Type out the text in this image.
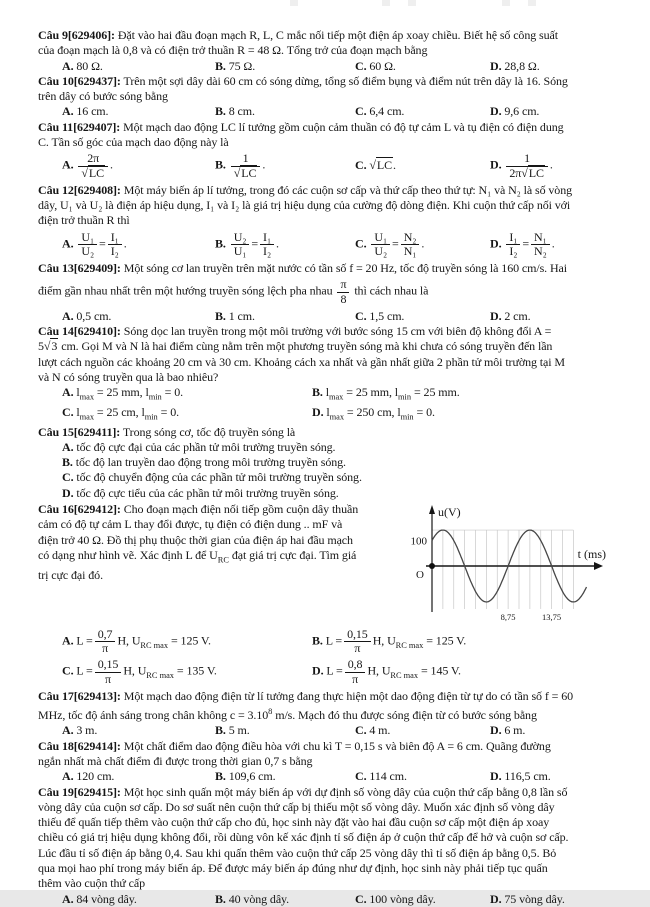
Câu 9[629406]: Đặt vào hai đầu đoạn mạch R, L, C mắc nối tiếp một điện áp xoay chiều. Biết hệ số công suất
của đoạn mạch là 0,8 và có điện trở thuần R = 48 Ω. Tổng trở của đoạn mạch bằng
A. 80 Ω.	B. 75 Ω.	C. 60 Ω.	D. 28,8 Ω.
Câu 10[629437]: Trên một sợi dây dài 60 cm có sóng dừng, tổng số điểm bụng và điểm nút trên dây là 16. Sóng
trên dây có bước sóng bằng
A. 16 cm.	B. 8 cm.	C. 6,4 cm.	D. 9,6 cm.
Câu 11[629407]: Một mạch dao động LC lí tưởng gồm cuộn cảm thuần có độ tự cảm L và tụ điện có điện dung
C. Tần số góc của mạch dao động này là
A. $\frac{2\pi}{√LC}$ .	B. $\frac{1}{√LC}$ .	C. √LC.	D. $\frac{1}{2\pi√LC}$ .
Câu 12[629408]: Một máy biến áp lí tưởng, trong đó các cuộn sơ cấp và thứ cấp theo thứ tự: N₁ và N₂ là số vòng
dây, U₁ và U₂ là điện áp hiệu dụng, I₁ và I₂ là giá trị hiệu dụng của cường độ dòng điện. Khi cuộn thứ cấp nối với
điện trở thuần R thì
A. $\frac{\text{U₁}}{\text{U₂}} = \frac{\text{I₁}}{\text{I₂}}$ .	B. $\frac{\text{U₂}}{\text{U₁}} = \frac{\text{I₁}}{\text{I₂}}$ .	C. $\frac{\text{U₁}}{\text{U₂}} = \frac{\text{N₂}}{\text{N₁}}$ .	D. $\frac{\text{I₁}}{\text{I₂}} = \frac{\text{N₁}}{\text{N₂}}$ .
Câu 13[629409]: Một sóng cơ lan truyền trên mặt nước có tần số f = 20 Hz, tốc độ truyền sóng là 160 cm/s. Hai
điểm gần nhau nhất trên một hướng truyền sóng lệch pha nhau $\frac{\pi}{8}$ thì cách nhau là
A. 0,5 cm.	B. 1 cm.	C. 1,5 cm.	D. 2 cm.
Câu 14[629410]: Sóng dọc lan truyền trong một môi trường với bước sóng 15 cm với biên độ không đổi A =
5√3 cm. Gọi M và N là hai điểm cùng nằm trên một phương truyền sóng mà khi chưa có sóng truyền đến lần
lượt cách nguồn các khoảng 20 cm và 30 cm. Khoảng cách xa nhất và gần nhất giữa 2 phần tử môi trường tại M
và N có sóng truyền qua là bao nhiêu?
A. $l_{max} = 25$ mm, $l_{min} = 0$.	B. $l_{max} = 25$ mm, $l_{min} = 25$ mm.
C. $l_{max} = 25$ cm, $l_{min} = 0$.	D. $l_{max} = 250$ cm, $l_{min} = 0$.
Câu 15[629411]: Trong sóng cơ, tốc độ truyền sóng là
A. tốc độ cực đại của các phần tử môi trường truyền sóng.
B. tốc độ lan truyền dao động trong môi trường truyền sóng.
C. tốc độ chuyển động của các phần tử môi trường truyền sóng.
D. tốc độ cực tiểu của các phần tử môi trường truyền sóng.
Câu 16[629412]: Cho đoạn mạch điện nối tiếp gồm cuộn dây thuần
cảm có độ tự cảm L thay đổi được, tụ điện có điện dung .. mF và
điện trở 40 Ω. Đồ thị phụ thuộc thời gian của điện áp hai đầu mạch
có dạng như hình vẽ. Xác định L để $U_{RC}$ đạt giá trị cực đại. Tìm giá
trị cực đại đó.
u(V)
t (ms)
100
O
8,75	13,75
A. $L = \frac{0,7}{\pi} H$, $U_{RC max} = 125$ V.	B. $L = \frac{0,15}{\pi} H$, $U_{RC max} = 125$ V.
C. $L = \frac{0,15}{\pi} H$, $U_{RC max} = 135$ V.	D. $L = \frac{0,8}{\pi} H$, $U_{RC max} = 145$ V.
Câu 17[629413]: Một mạch dao động điện từ lí tưởng đang thực hiện một dao động điện từ tự do có tần số f = 60
MHz, tốc độ ánh sáng trong chân không $c = 3.10^8$ m/s. Mạch đó thu được sóng điện từ có bước sóng bằng
A. 3 m.	B. 5 m.	C. 4 m.	D. 6 m.
Câu 18[629414]: Một chất điểm dao động điều hòa với chu kì T = 0,15 s và biên độ A = 6 cm. Quãng đường
ngắn nhất mà chất điểm đi được trong thời gian 0,7 s bằng
A. 120 cm.	B. 109,6 cm.	C. 114 cm.	D. 116,5 cm.
Câu 19[629415]: Một học sinh quấn một máy biến áp với dự định số vòng dây của cuộn thứ cấp bằng 0,8 lần số
vòng dây của cuộn sơ cấp. Do sơ suất nên cuộn thứ cấp bị thiếu một số vòng dây. Muốn xác định số vòng dây
thiếu để quấn tiếp thêm vào cuộn thứ cấp cho đủ, học sinh này đặt vào hai đầu cuộn sơ cấp một điện áp xoay
chiều có giá trị hiệu dụng không đổi, rồi dùng vôn kế xác định tỉ số điện áp ở cuộn thứ cấp để hở và cuộn sơ cấp.
Lúc đầu tỉ số điện áp bằng 0,4. Sau khi quấn thêm vào cuộn thứ cấp 25 vòng dây thì tỉ số điện áp bằng 0,5. Bỏ
qua mọi hao phí trong máy biến áp. Để được máy biến áp đúng như dự định, học sinh này phải tiếp tục quấn
thêm vào cuộn thứ cấp
A. 84 vòng dây.	B. 40 vòng dây.	C. 100 vòng dây.	D. 75 vòng dây.
